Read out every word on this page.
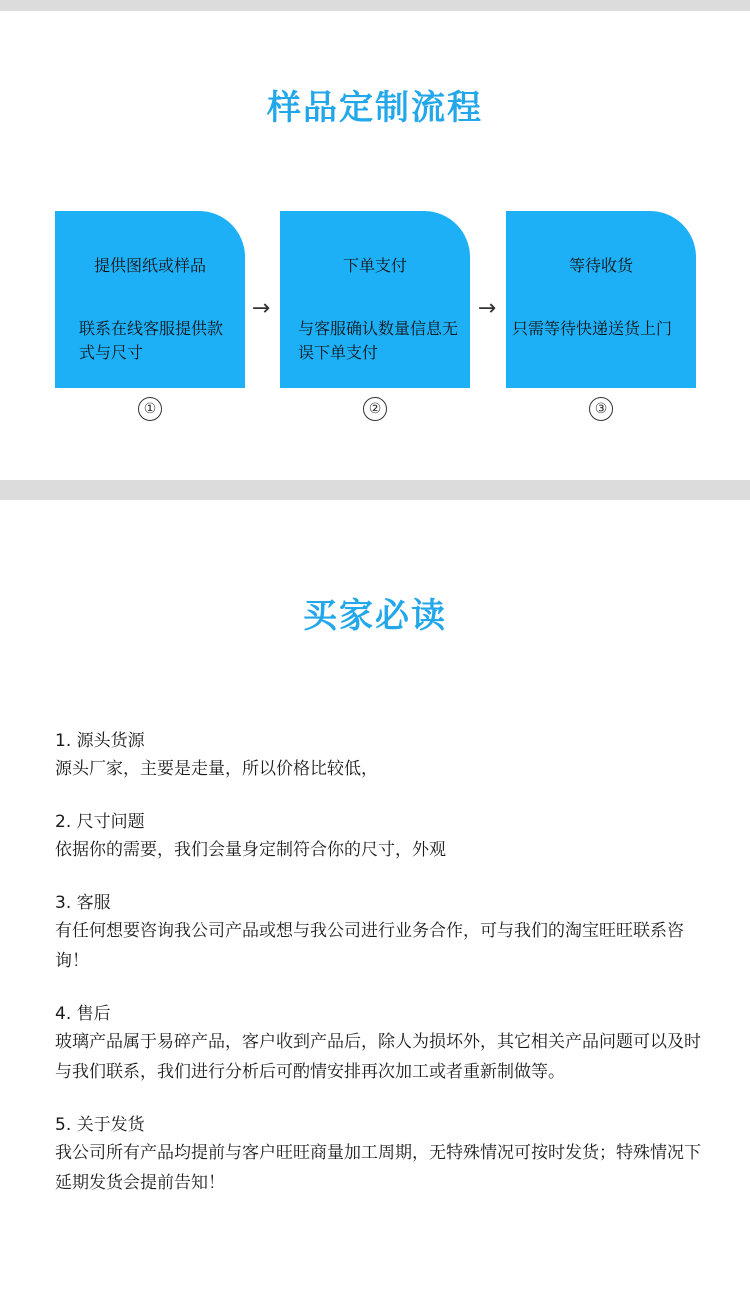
样品定制流程
提供图纸或样品
联系在线客服提供款式与尺寸
→
下单支付
与客服确认数量信息无误下单支付
→
等待收货
只需等待快递送货上门
①	②	③
买家必读
1. 源头货源
源头厂家，主要是走量，所以价格比较低，
2. 尺寸问题
依据你的需要，我们会量身定制符合你的尺寸，外观
3. 客服
有任何想要咨询我公司产品或想与我公司进行业务合作，可与我们的淘宝旺旺联系咨询！
4. 售后
玻璃产品属于易碎产品，客户收到产品后，除人为损坏外，其它相关产品问题可以及时与我们联系，我们进行分析后可酌情安排再次加工或者重新制做等。
5. 关于发货
我公司所有产品均提前与客户旺旺商量加工周期，无特殊情况可按时发货；特殊情况下延期发货会提前告知！
